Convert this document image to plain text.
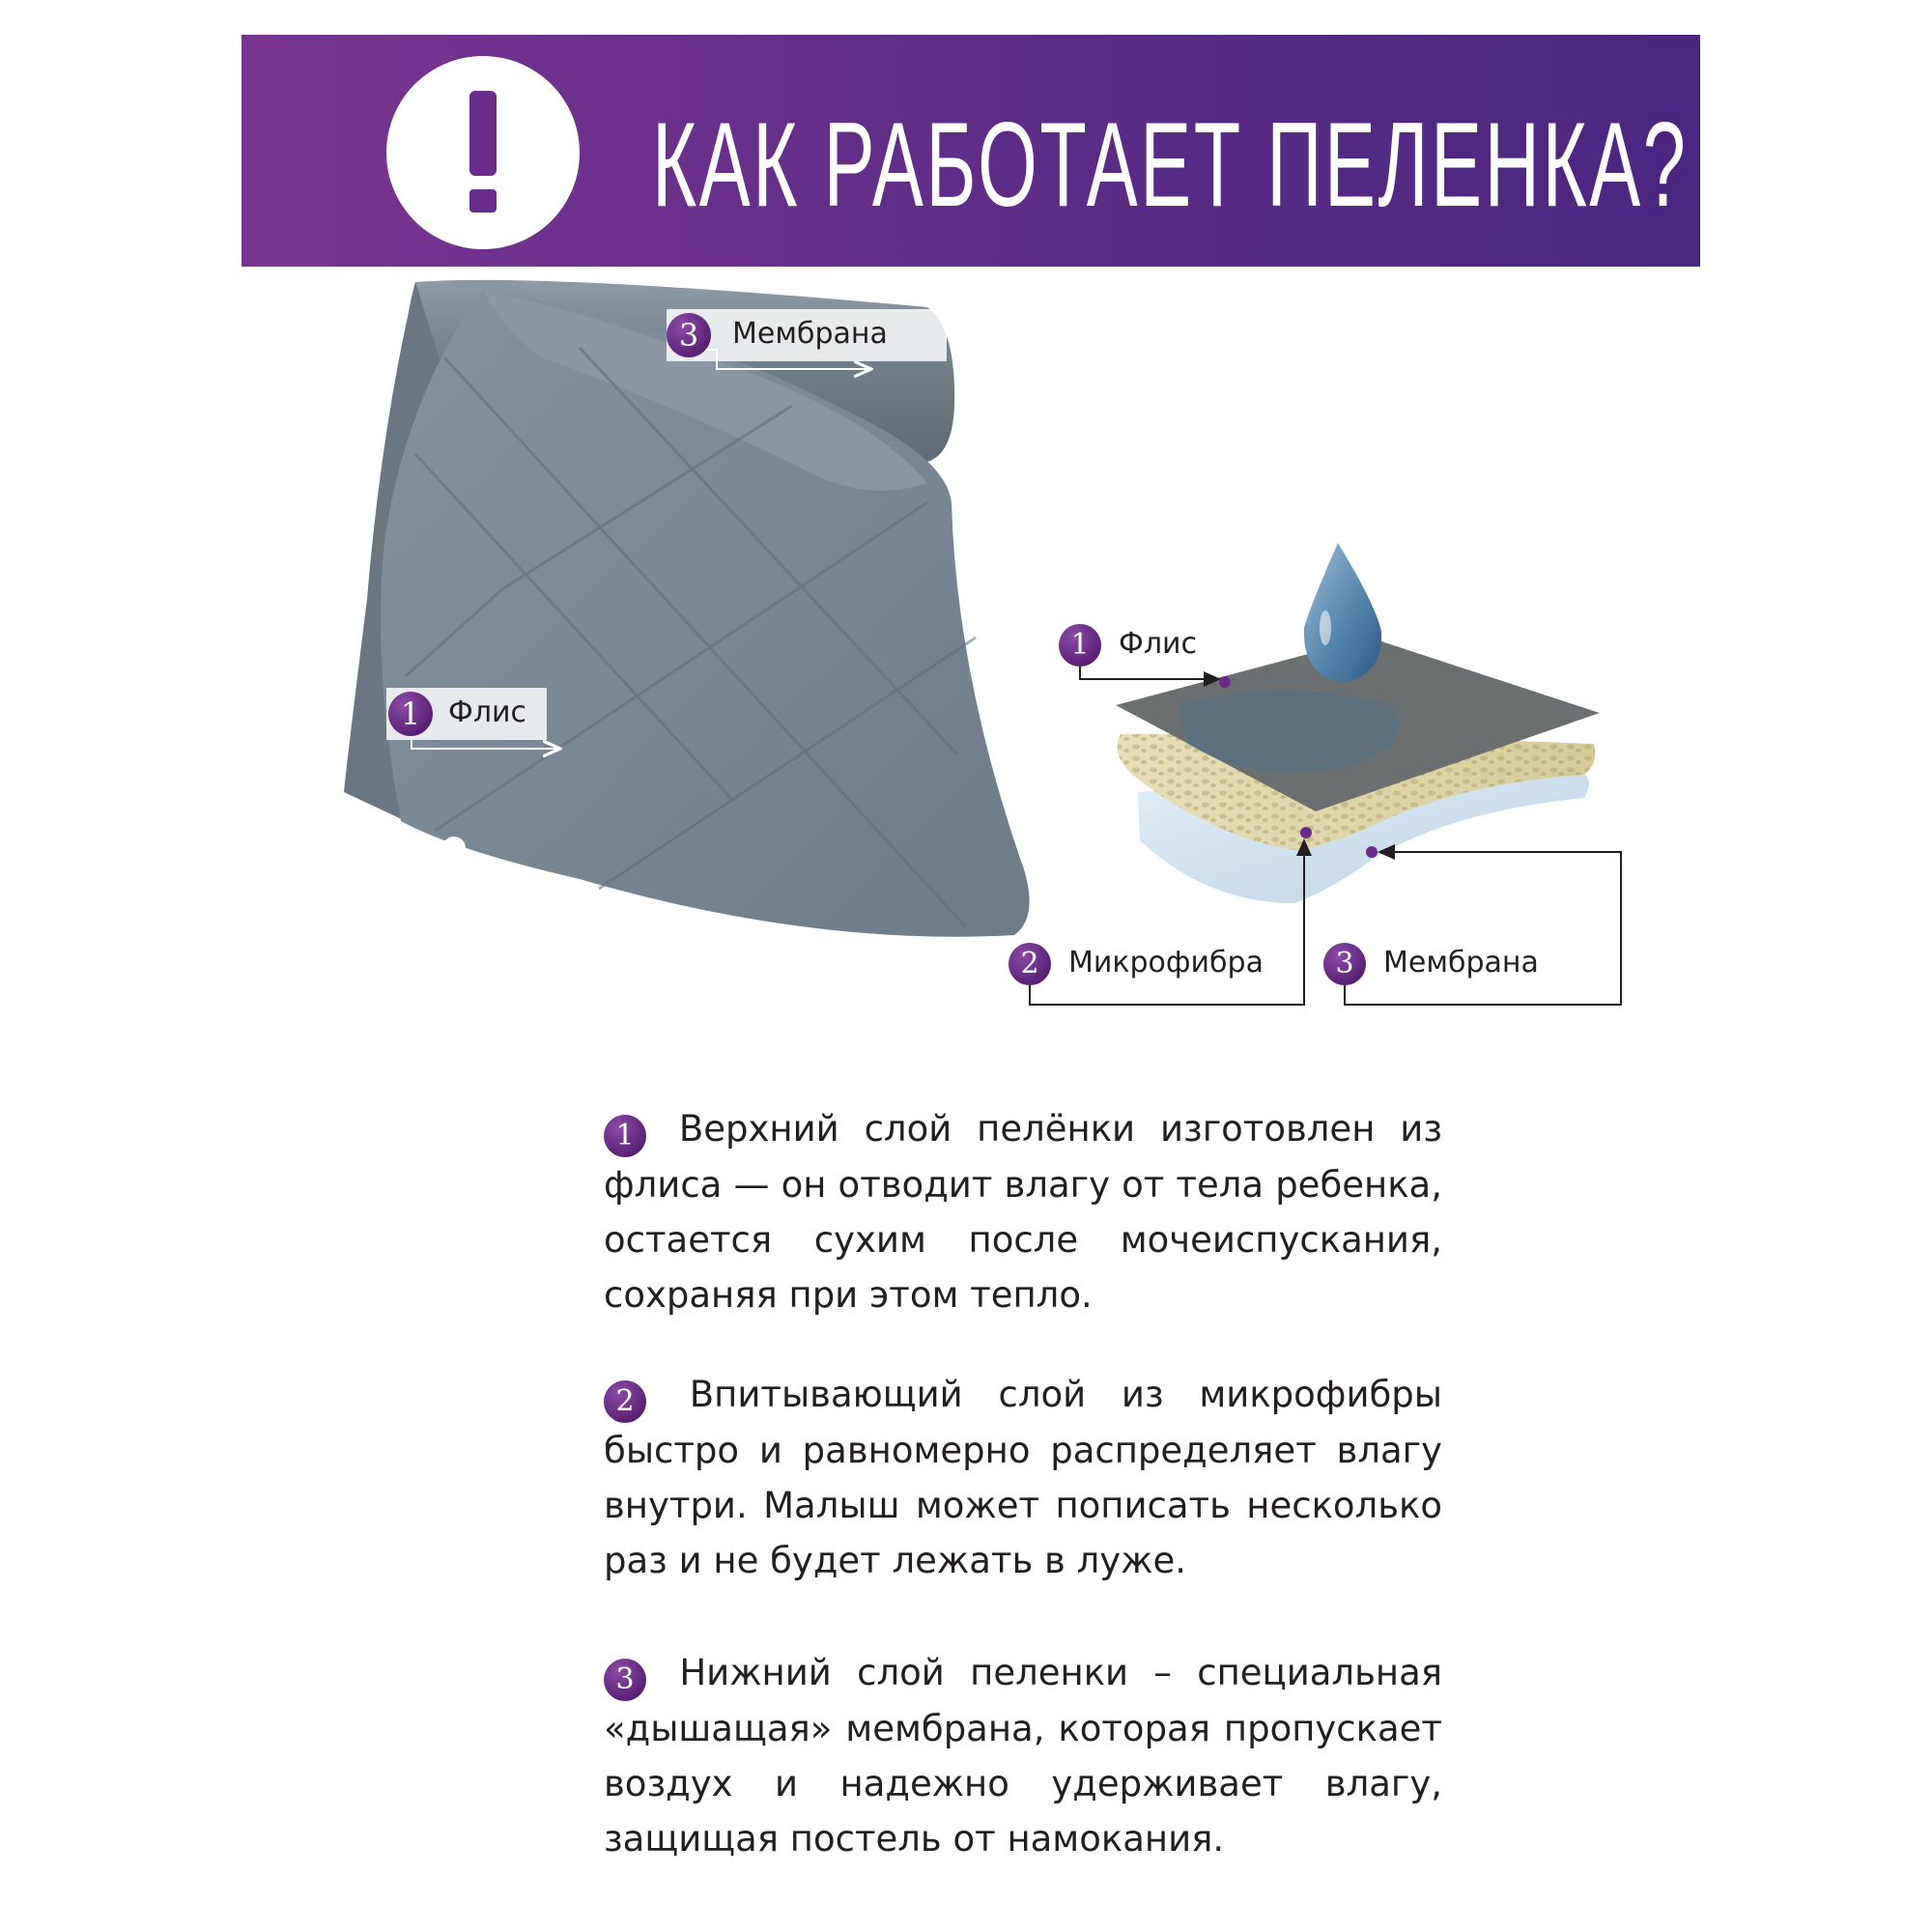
КАК РАБОТАЕТ ПЕЛЕНКА?
3	Мембрана
1 Флис
1	Флис
2	Микрофибра	3	Мембрана
1 Верхний слой пелёнки изготовлен из флиса — он отводит влагу от тела ребенка, остается сухим после мочеиспускания, сохраняя при этом тепло.
2 Впитывающий слой из микрофибры быстро и равномерно распределяет влагу внутри. Малыш может пописать несколько раз и не будет лежать в луже.
3 Нижний слой пеленки – специальная «дышащая» мембрана, которая пропускает воздух и надежно удерживает влагу, защищая постель от намокания.
